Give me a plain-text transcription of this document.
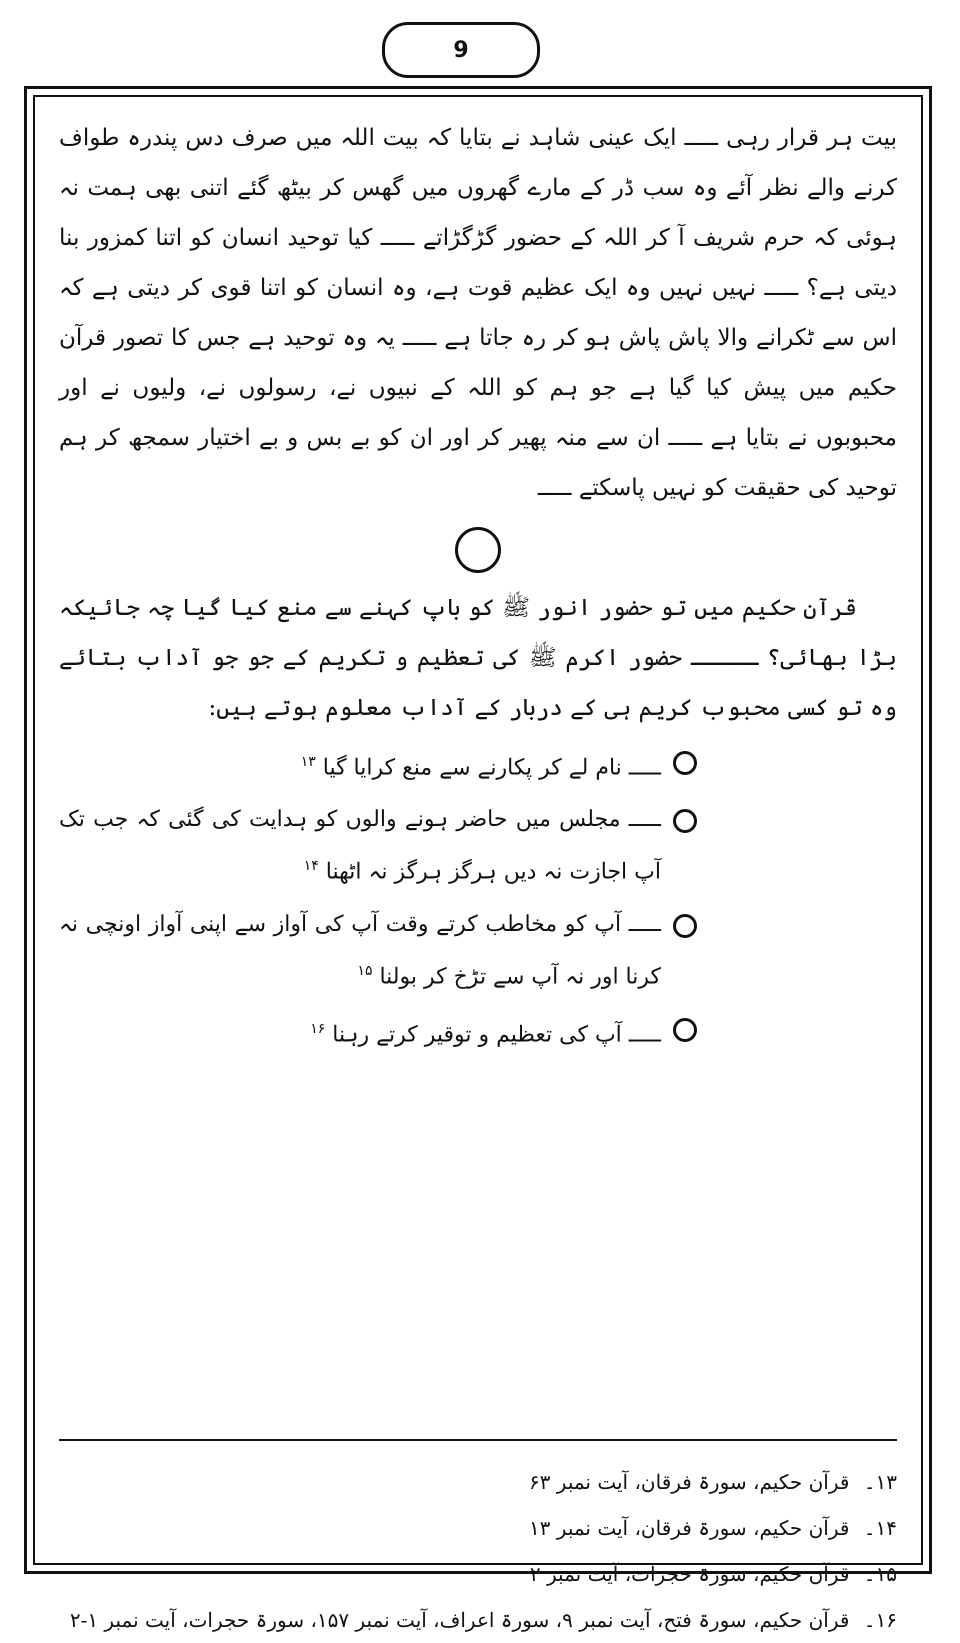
9

بیت ہر قرار رہی ـــــ ایک عینی شاہد نے بتایا کہ بیت اللہ میں صرف دس پندرہ طواف کرنے والے نظر آئے وہ سب ڈر کے مارے گھروں میں گھس کر بیٹھ گئے اتنی بھی ہمت نہ ہوئی کہ حرم شریف آ کر اللہ کے حضور گڑگڑاتے ـــــ کیا توحید انسان کو اتنا کمزور بنا دیتی ہے؟ ـــــ نہیں نہیں وہ ایک عظیم قوت ہے، وہ انسان کو اتنا قوی کر دیتی ہے کہ اس سے ٹکرانے والا پاش پاش ہو کر رہ جاتا ہے ـــــ یہ وہ توحید ہے جس کا تصور قرآن حکیم میں پیش کیا گیا ہے جو ہم کو اللہ کے نبیوں نے، رسولوں نے، ولیوں نے اور محبوبوں نے بتایا ہے ـــــ ان سے منہ پھیر کر اور ان کو بے بس و بے اختیار سمجھ کر ہم توحید کی حقیقت کو نہیں پاسکتے ـــــ

قرآن حکیم میں تو حضور انور ﷺ کو باپ کہنے سے منع کیا گیا چہ جائیکہ بڑا بھائی؟ ـــــ حضور اکرم ﷺ کی تعظیم و تکریم کے جو جو آداب بتائے وہ تو کسی محبوب کریم ہی کے دربار کے آداب معلوم ہوتے ہیں:

ـــــ نام لے کر پکارنے سے منع کرایا گیا $^{۱۳}$
ـــــ مجلس میں حاضر ہونے والوں کو ہدایت کی گئی کہ جب تک آپ اجازت نہ دیں ہرگز ہرگز نہ اٹھنا $^{۱۴}$
ـــــ آپ کو مخاطب کرتے وقت آپ کی آواز سے اپنی آواز اونچی نہ کرنا اور نہ آپ سے تڑخ کر بولنا $^{۱۵}$
ـــــ آپ کی تعظیم و توقیر کرتے رہنا $^{۱۶}$
۱۳۔ قرآن حکیم، سورۃ فرقان، آیت نمبر ۶۳
۱۴۔ قرآن حکیم، سورۃ فرقان، آیت نمبر ۱۳
۱۵۔ قرآن حکیم، سورۃ حجرات، آیت نمبر ۲
۱۶۔ قرآن حکیم، سورۃ فتح، آیت نمبر ۹، سورۃ اعراف، آیت نمبر ۱۵۷، سورۃ حجرات، آیت نمبر ۱-۲
